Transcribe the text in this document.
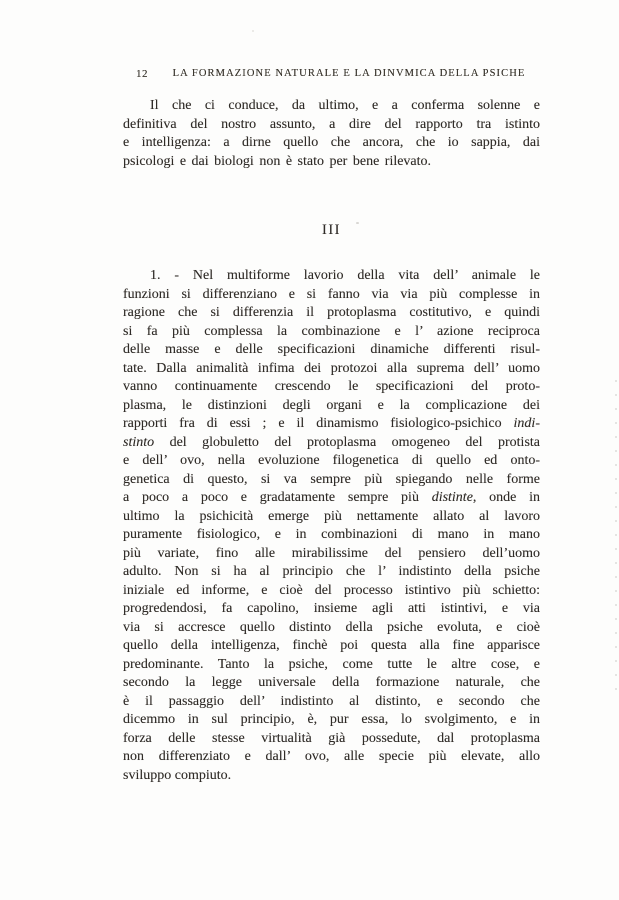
12	LA FORMAZIONE NATURALE E LA DINVMICA DELLA PSICHE
Il che ci conduce, da ultimo, e a conferma solenne e
definitiva del nostro assunto, a dire del rapporto tra istinto
e intelligenza: a dirne quello che ancora, che io sappia, dai
psicologi e dai biologi non è stato per bene rilevato.
III
1. - Nel multiforme lavorio della vita dell’ animale le
funzioni si differenziano e si fanno via via più complesse in
ragione che si differenzia il protoplasma costitutivo, e quindi
si fa più complessa la combinazione e l’ azione reciproca
delle masse e delle specificazioni dinamiche differenti risul-
tate. Dalla animalità infima dei protozoi alla suprema dell’ uomo
vanno continuamente crescendo le specificazioni del proto-
plasma, le distinzioni degli organi e la complicazione dei
rapporti fra di essi ; e il dinamismo fisiologico-psichico indi-
stinto del globuletto del protoplasma omogeneo del protista
e dell’ ovo, nella evoluzione filogenetica di quello ed onto-
genetica di questo, si va sempre più spiegando nelle forme
a poco a poco e gradatamente sempre più distinte, onde in
ultimo la psichicità emerge più nettamente allato al lavoro
puramente fisiologico, e in combinazioni di mano in mano
più variate, fino alle mirabilissime del pensiero dell’uomo
adulto. Non si ha al principio che l’ indistinto della psiche
iniziale ed informe, e cioè del processo istintivo più schietto:
progredendosi, fa capolino, insieme agli atti istintivi, e via
via si accresce quello distinto della psiche evoluta, e cioè
quello della intelligenza, finchè poi questa alla fine apparisce
predominante. Tanto la psiche, come tutte le altre cose, e
secondo la legge universale della formazione naturale, che
è il passaggio dell’ indistinto al distinto, e secondo che
dicemmo in sul principio, è, pur essa, lo svolgimento, e in
forza delle stesse virtualità già possedute, dal protoplasma
non differenziato e dall’ ovo, alle specie più elevate, allo
sviluppo compiuto.
